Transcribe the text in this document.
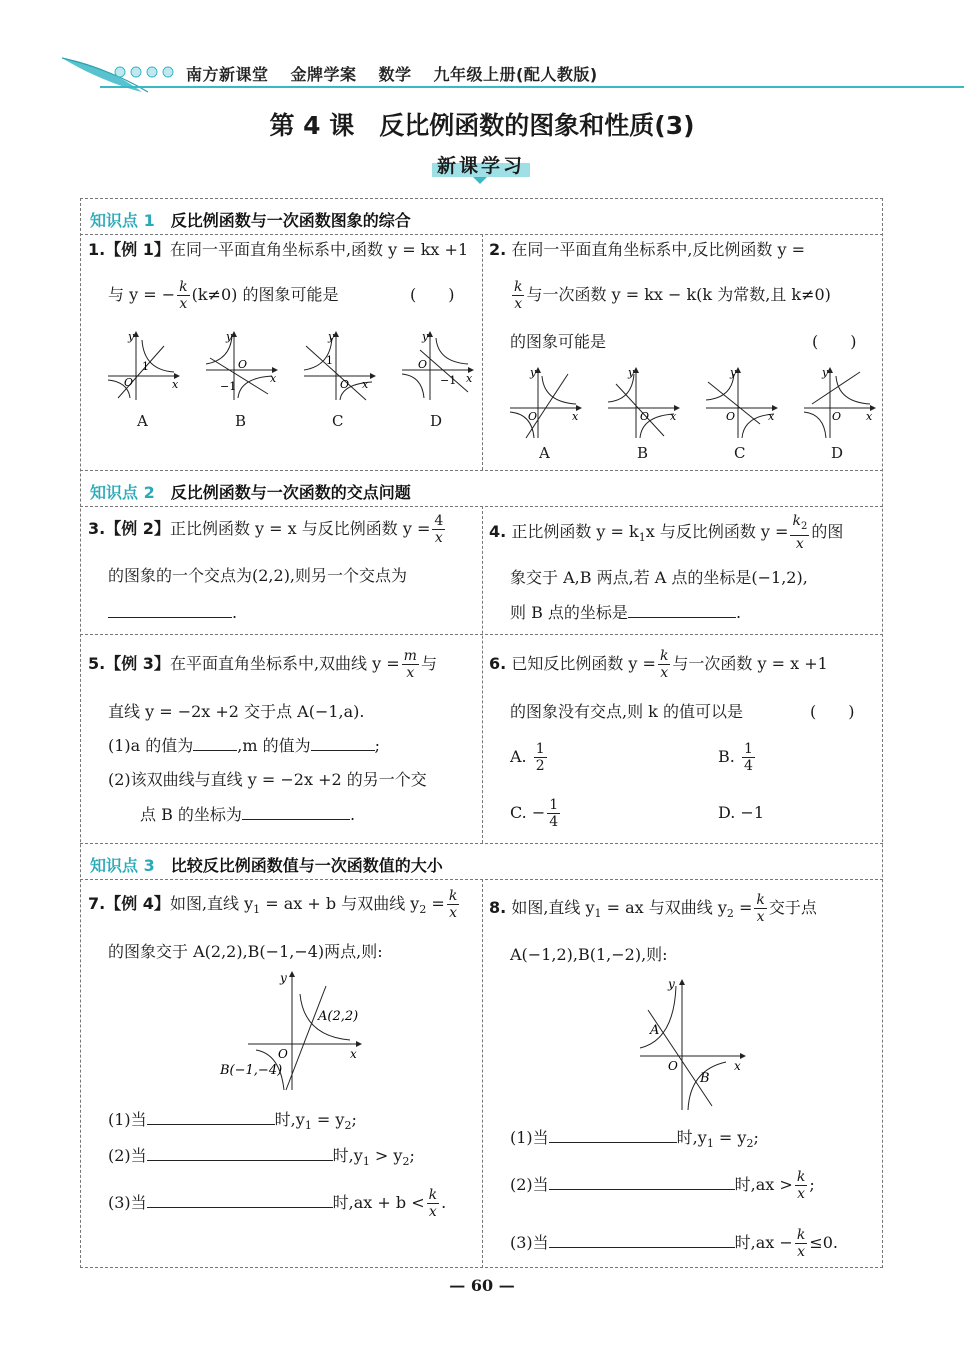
南方新课堂 金牌学案 数学 九年级上册(配人教版)
第 4 课　反比例函数的图象和性质(3)
新课学习
知识点 1 反比例函数与一次函数图象的综合
知识点 2 反比例函数与一次函数的交点问题
知识点 3 比较反比例函数值与一次函数值的大小
1.【例 1】在同一平面直角坐标系中,函数 y = kx +1
与 y = − $\frac{k}{x} (k\ne 0)$ 的图象可能是	(　　)
y
x
O
1
y
x
O
−1
y
x
O
1
y
x
O
−1
A	B	C	D
2. 在同一平面直角坐标系中,反比例函数 y =
$\frac{k}{x}$ 与一次函数 y = kx − k(k 为常数,且 k≠0)
的图象可能是	(　　)
y
x
O
y
x
O
y
x
O
y
x
O
A	B	C	D
3.【例 2】正比例函数 y = x 与反比例函数 $y = \frac{4}{x}$
的图象的一个交点为(2,2),则另一个交点为
.
4. 正比例函数 $y = k_1x$ 与反比例函数 $y = \frac{k_2}{x}$ 的图
象交于 A,B 两点,若 A 点的坐标是(−1,2),
则 B 点的坐标是	.
5.【例 3】在平面直角坐标系中,双曲线 $y = \frac{m}{x}$ 与
直线 y = −2x +2 交于点 A(−1,a).
(1)a 的值为	,m 的值为	;
(2)该双曲线与直线 y = −2x +2 的另一个交
点 B 的坐标为	.
6. 已知反比例函数 $y = \frac{k}{x}$ 与一次函数 y = x +1
的图象没有交点,则 k 的值可以是	(　　)
A. $\frac{1}{2}$	B. $\frac{1}{4}$
C. − $\frac{1}{4}$	D. −1
7.【例 4】如图,直线 $y_1$ = ax + b 与双曲线 $y_2 = \frac{k}{x}$
的图象交于 A(2,2),B(−1,−4)两点,则:
y
x
O
A(2,2)
B(−1,−4)
(1)当	时$,y_1 = y_2$;
(2)当	时$,y_1 > y_2$;
(3)当	时$,ax + b < \frac{k}{x}$ .
8. 如图,直线 $y_1$ = ax 与双曲线 $y_2 = \frac{k}{x}$ 交于点
A(−1,2),B(1,−2),则:
y
x
O
A
B
(1)当	时$,y_1 = y_2$;
(2)当	时$,ax > \frac{k}{x}$ ;
(3)当	时$,ax - \frac{k}{x} \le 0$.
— 60 —
